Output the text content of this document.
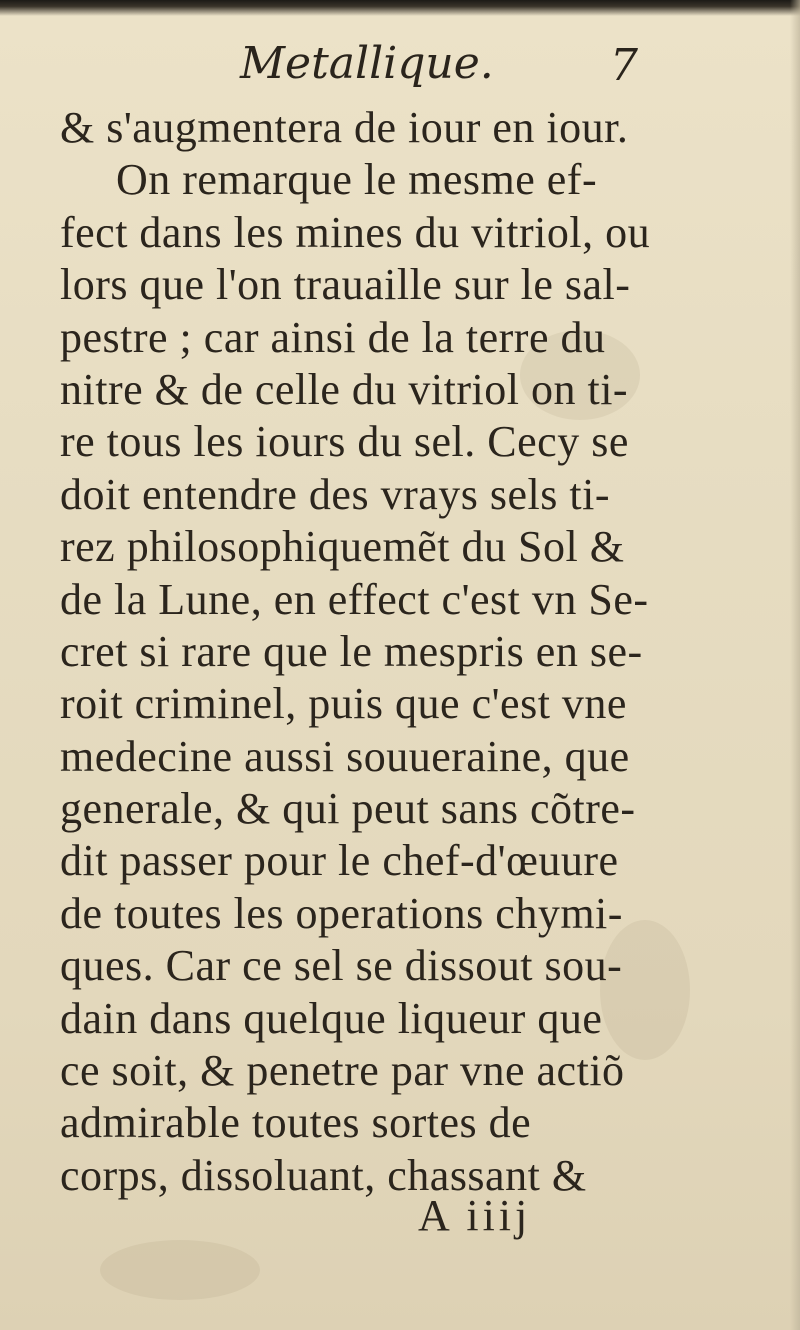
Metallique.	7
& s'augmentera de iour en iour.
On remarque le mesme ef-
fect dans les mines du vitriol, ou
lors que l'on trauaille sur le sal-
pestre ; car ainsi de la terre du
nitre & de celle du vitriol on ti-
re tous les iours du sel. Cecy se
doit entendre des vrays sels ti-
rez philosophiquemẽt du Sol &
de la Lune, en effect c'est vn Se-
cret si rare que le mespris en se-
roit criminel, puis que c'est vne
medecine aussi souueraine, que
generale, & qui peut sans cõtre-
dit passer pour le chef-d'œuure
de toutes les operations chymi-
ques. Car ce sel se dissout sou-
dain dans quelque liqueur que
ce soit, & penetre par vne actiõ
admirable toutes sortes de
corps, dissoluant, chassant &
A iiij
